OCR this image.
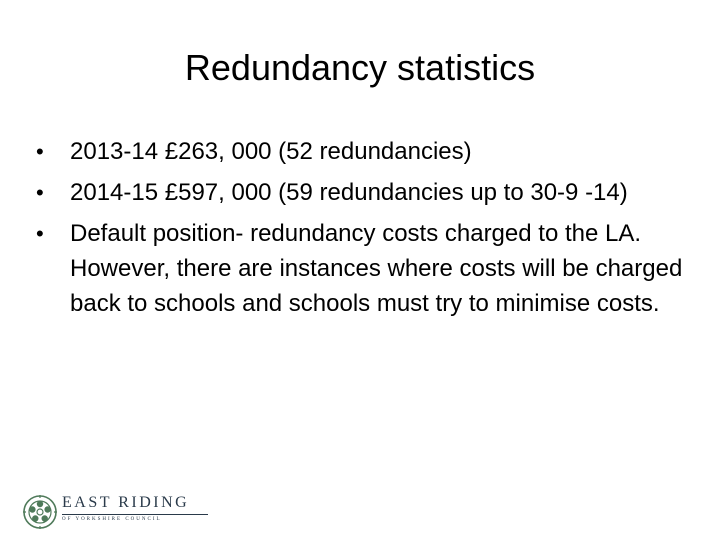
Redundancy statistics
•	2013-14 £263, 000 (52 redundancies)
•	2014-15 £597, 000 (59 redundancies up to 30-9 -14)
•	Default position- redundancy costs charged to the LA. However, there are instances where costs will be charged back to schools and schools must try to minimise costs.
EAST RIDING
OF YORKSHIRE COUNCIL
